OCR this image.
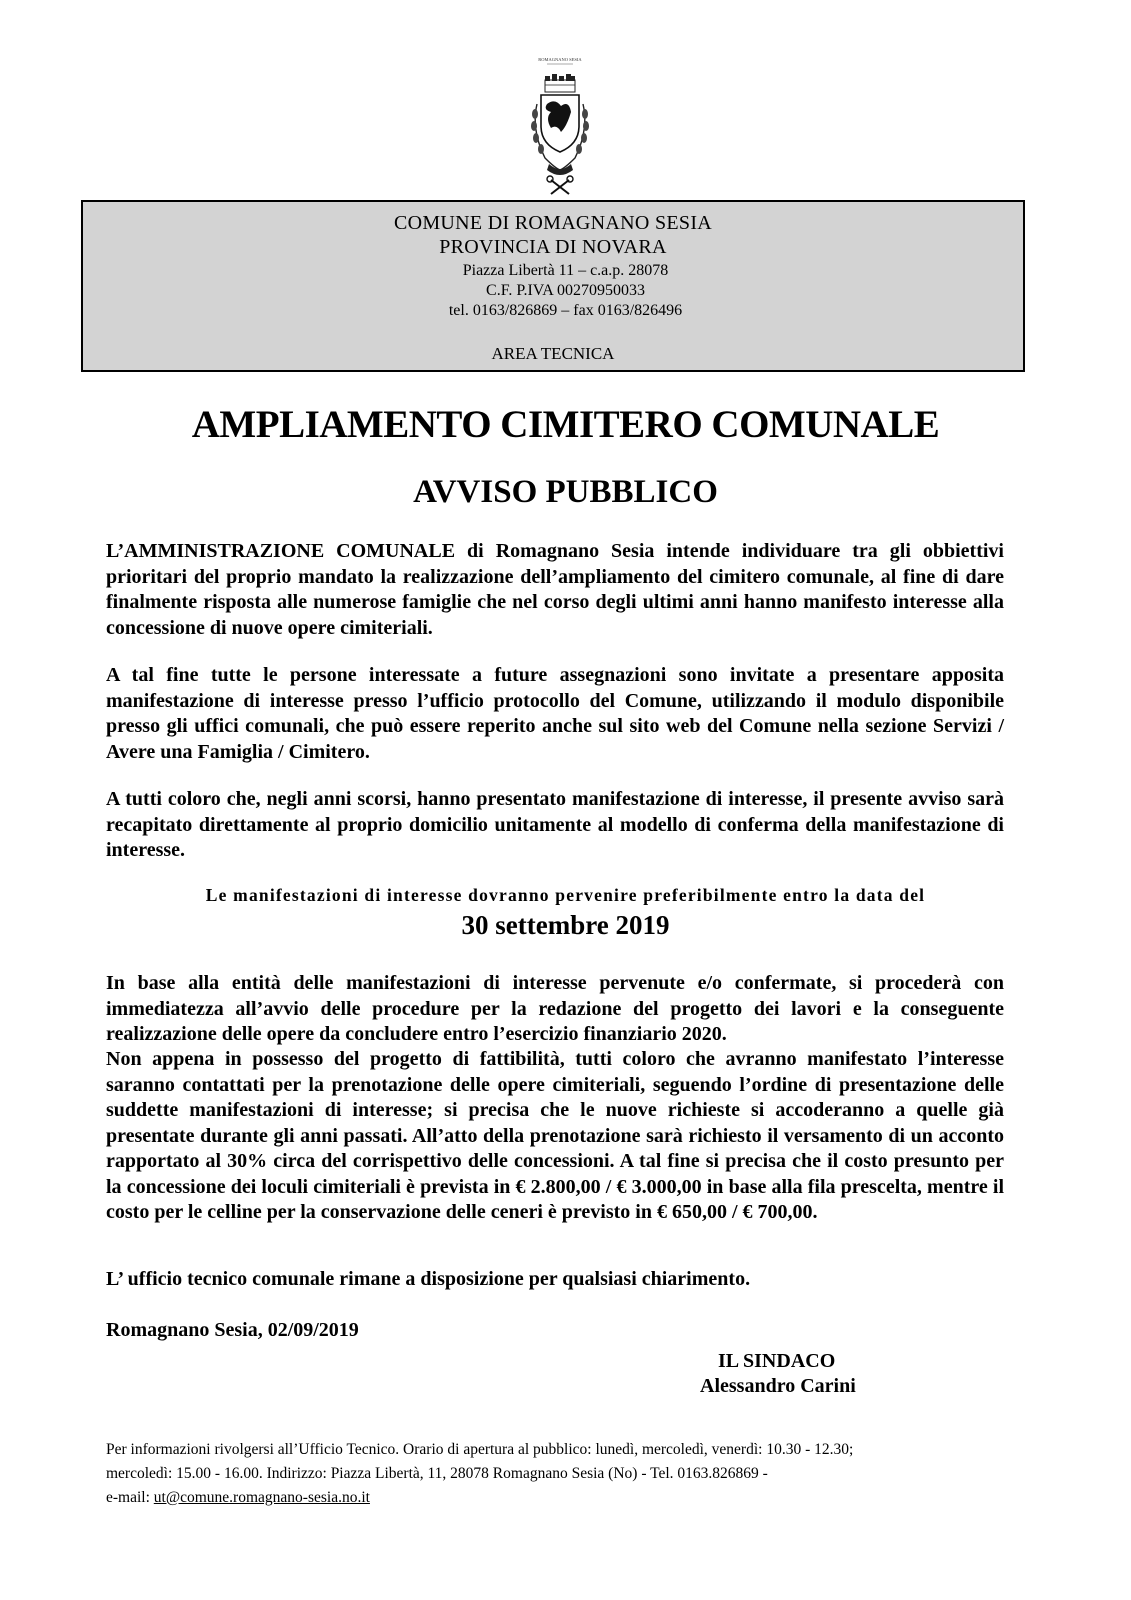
ROMAGNANO SESIA
COMUNE DI ROMAGNANO SESIA
PROVINCIA DI NOVARA
Piazza Libertà 11 – c.a.p. 28078
C.F. P.IVA 00270950033
tel. 0163/826869 – fax 0163/826496
AREA TECNICA
AMPLIAMENTO CIMITERO COMUNALE
AVVISO PUBBLICO
L’AMMINISTRAZIONE COMUNALE di Romagnano Sesia intende individuare tra gli obbiettivi prioritari del proprio mandato la realizzazione dell’ampliamento del cimitero comunale, al fine di dare finalmente risposta alle numerose famiglie che nel corso degli ultimi anni hanno manifesto interesse alla concessione di nuove opere cimiteriali.
A tal fine tutte le persone interessate a future assegnazioni sono invitate a presentare apposita manifestazione di interesse presso l’ufficio protocollo del Comune, utilizzando il modulo disponibile presso gli uffici comunali, che può essere reperito anche sul sito web del Comune nella sezione Servizi / Avere una Famiglia / Cimitero.
A tutti coloro che, negli anni scorsi, hanno presentato manifestazione di interesse, il presente avviso sarà recapitato direttamente al proprio domicilio unitamente al modello di conferma della manifestazione di interesse.
Le manifestazioni di interesse dovranno pervenire preferibilmente entro la data del
30 settembre 2019
In base alla entità delle manifestazioni di interesse pervenute e/o confermate, si procederà con immediatezza all’avvio delle procedure per la redazione del progetto dei lavori e la conseguente realizzazione delle opere da concludere entro l’esercizio finanziario 2020.
Non appena in possesso del progetto di fattibilità, tutti coloro che avranno manifestato l’interesse saranno contattati per la prenotazione delle opere cimiteriali, seguendo l’ordine di presentazione delle suddette manifestazioni di interesse; si precisa che le nuove richieste si accoderanno a quelle già presentate durante gli anni passati. All’atto della prenotazione sarà richiesto il versamento di un acconto rapportato al 30% circa del corrispettivo delle concessioni. A tal fine si precisa che il costo presunto per la concessione dei loculi cimiteriali è prevista in € 2.800,00 / € 3.000,00 in base alla fila prescelta, mentre il costo per le celline per la conservazione delle ceneri è previsto in € 650,00 / € 700,00.
L’ ufficio tecnico comunale rimane a disposizione per qualsiasi chiarimento.
Romagnano Sesia, 02/09/2019
IL SINDACO
Alessandro Carini
Per informazioni rivolgersi all’Ufficio Tecnico. Orario di apertura al pubblico: lunedì, mercoledì, venerdì: 10.30 - 12.30;
mercoledì: 15.00 - 16.00. Indirizzo: Piazza Libertà, 11, 28078 Romagnano Sesia (No) - Tel. 0163.826869 -
e-mail: ut@comune.romagnano-sesia.no.it
